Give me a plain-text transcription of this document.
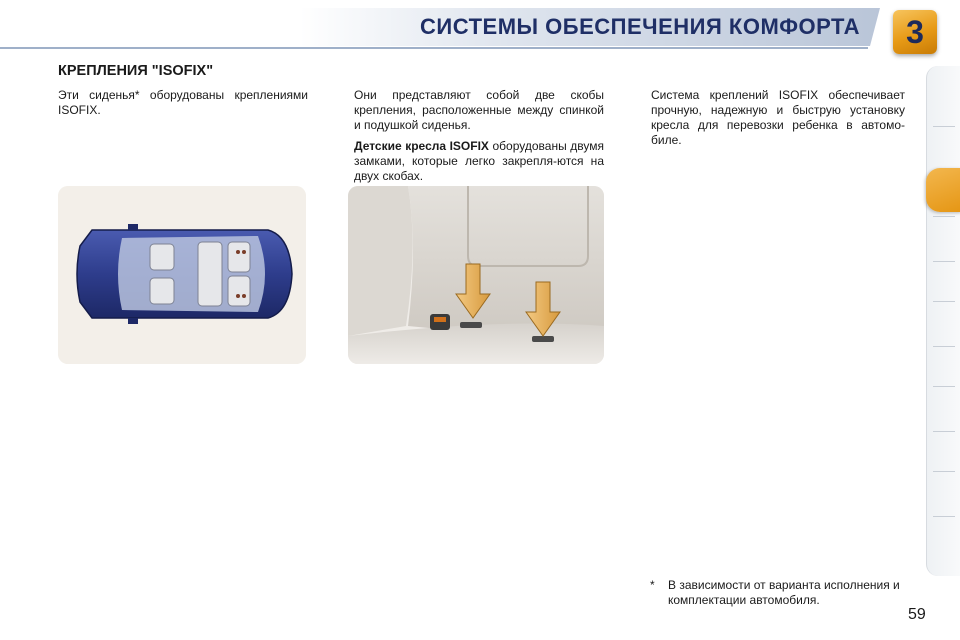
СИСТЕМЫ ОБЕСПЕЧЕНИЯ КОМФОРТА	3
КРЕПЛЕНИЯ "ISOFIX"

Эти сиденья* оборудованы креплениями ISOFIX.

Они представляют собой две скобы крепления, расположенные между спинкой и подушкой сиденья.

Детские кресла ISOFIX оборудованы двумя замками, которые легко закрепля-ются на двух скобах.

Система креплений ISOFIX обеспечивает прочную, надежную и быструю установку кресла для перевозки ребенка в автомо-биле.

* В зависимости от варианта исполнения и комплектации автомобиля.
59
